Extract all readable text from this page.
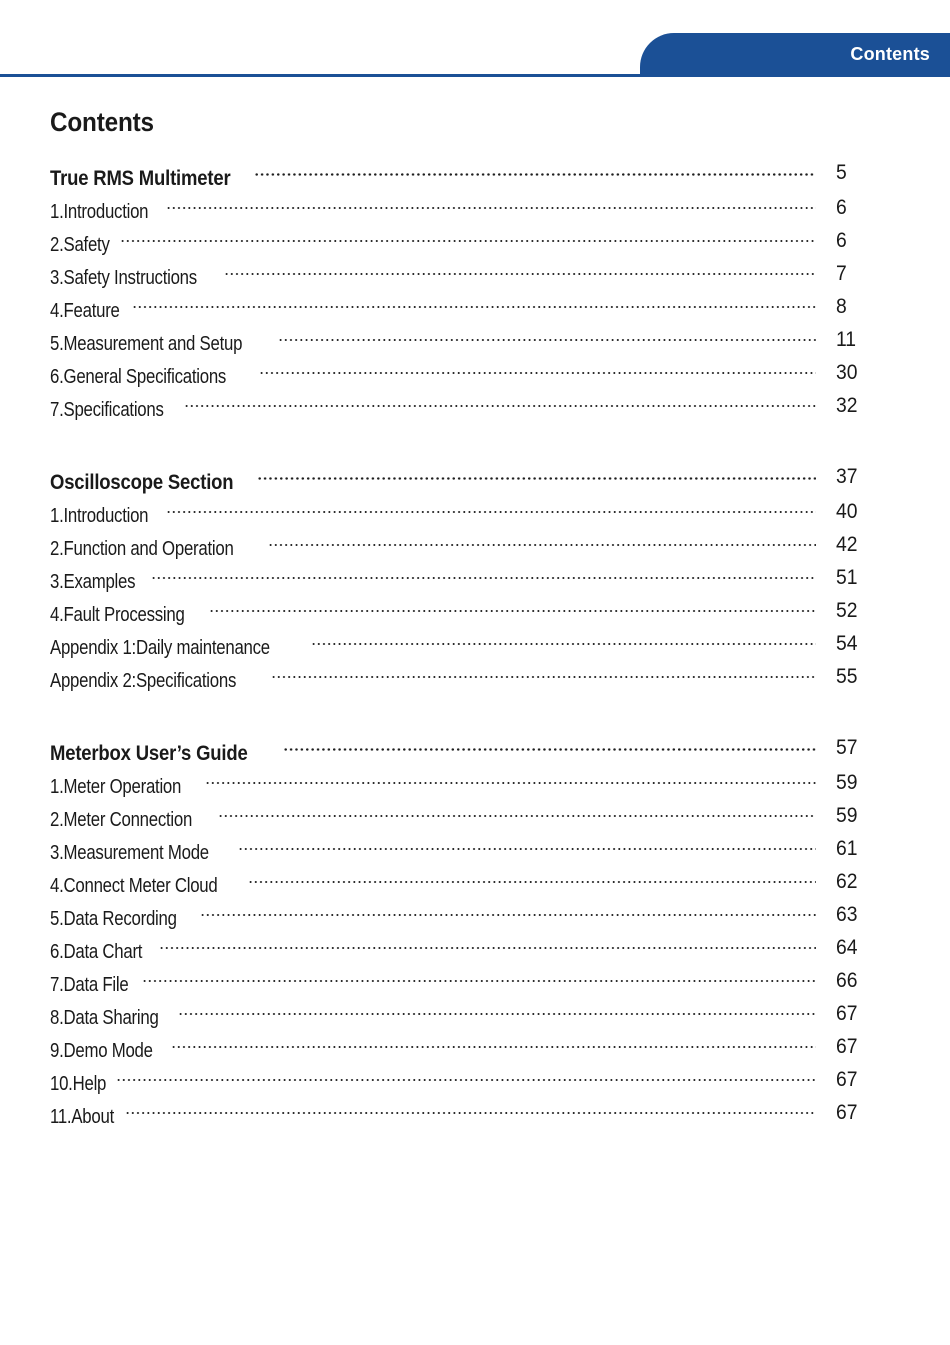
Contents
Contents
True RMS Multimeter	5
1.Introduction	6
2.Safety	6
3.Safety Instructions	7
4.Feature	8
5.Measurement and Setup	11
6.General Specifications	30
7.Specifications	32
Oscilloscope Section	37
1.Introduction	40
2.Function and Operation	42
3.Examples	51
4.Fault Processing	52
Appendix 1:Daily maintenance	54
Appendix 2:Specifications	55
Meterbox User’s Guide	57
1.Meter Operation	59
2.Meter Connection	59
3.Measurement Mode	61
4.Connect Meter Cloud	62
5.Data Recording	63
6.Data Chart	64
7.Data File	66
8.Data Sharing	67
9.Demo Mode	67
10.Help	67
11.About	67
